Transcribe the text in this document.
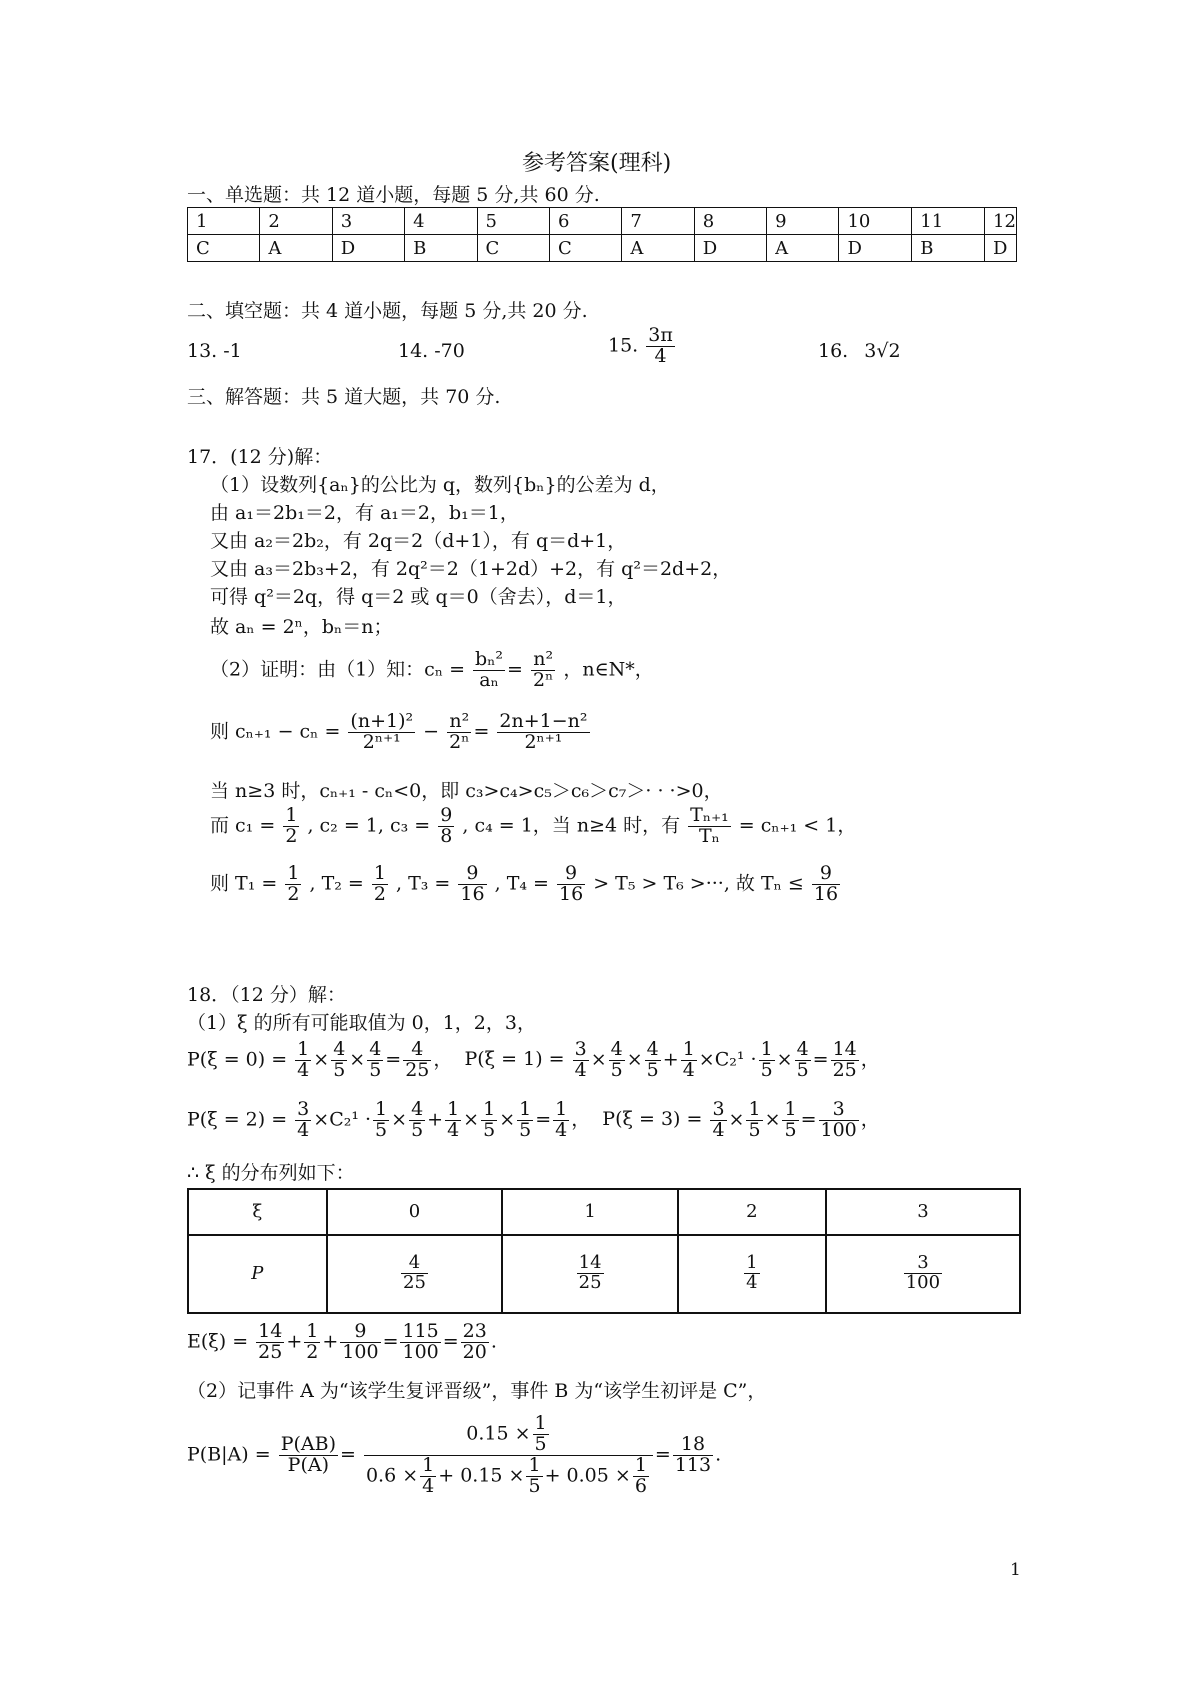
参考答案(理科)
一、单选题：共 12 道小题，每题 5 分,共 60 分.
1	2	3	4	5	6	7	8	9	10	11	12
C	A	D	B	C	C	A	D	A	D	B	D
二、填空题：共 4 道小题，每题 5 分,共 20 分.
13. -1	14. -70	15. $\frac{3\pi}{4}$	16. 3√2
三、解答题：共 5 道大题，共 70 分.
17．(12 分)解：
（1）设数列{aₙ}的公比为 q，数列{bₙ}的公差为 d，
由 a₁＝2b₁＝2，有 a₁＝2，b₁＝1，
又由 a₂＝2b₂，有 2q＝2（d+1），有 q＝d+1，
又由 a₃＝2b₃+2，有 2q²＝2（1+2d）+2，有 q²＝2d+2，
可得 q²＝2q，得 q＝2 或 q＝0（舍去），d＝1，
故 aₙ = 2ⁿ，bₙ＝n；
（2）证明：由（1）知：$c_n = \frac{\text{bₙ²}}{\text{aₙ}} = \frac{\text{n²}}{\text{2ⁿ}}$ ，n∈N*，
则 $c_{n+1} - c_n = \frac{\text{(n+1)²}}{\text{2ⁿ⁺¹}} - \frac{\text{n²}}{\text{2ⁿ}} = \frac{\text{2n+1−n²}}{\text{2ⁿ⁺¹}}$
当 n≥3 时，cₙ₊₁ - cₙ<0，即 c₃>c₄>c₅＞c₆＞c₇＞· · ·>0，
而 $c_1 = \frac{1}{2}$ , c₂ = 1, $c_3 = \frac{9}{8}$ , c₄ = 1，当 n≥4 时，有 $\frac{\text{Tₙ₊₁}}{\text{Tₙ}} = c_{n+1} < 1$，
则 $T_1 = \frac{1}{2}$ , $T_2 = \frac{1}{2}$ , $T_3 = \frac{9}{16}$ , $T_4 = \frac{9}{16} > T_5 > T_6$ >···, 故 $T_n \le \frac{9}{16}$
18．（12 分）解：
（1）ξ 的所有可能取值为 0，1，2，3，
$P(\xi = 0) = \frac{1}{4} \times \frac{4}{5} \times \frac{4}{5} = \frac{4}{25}$ ， $P(\xi = 1) = \frac{3}{4} \times \frac{4}{5} \times \frac{4}{5} + \frac{1}{4} \times C_2^1 \cdot \frac{1}{5} \times \frac{4}{5} = \frac{14}{25}$ ，
$P(\xi = 2) = \frac{3}{4} \times C_2^1 \cdot \frac{1}{5} \times \frac{4}{5} + \frac{1}{4} \times \frac{1}{5} \times \frac{1}{5} = \frac{1}{4}$ ， $P(\xi = 3) = \frac{3}{4} \times \frac{1}{5} \times \frac{1}{5} = \frac{3}{100}$ ，
∴ ξ 的分布列如下：
ξ	0	1	2	3
P	$\frac{4}{25}$	$\frac{14}{25}$	$\frac{1}{4}$	$\frac{3}{100}$
$E(\xi) = \frac{14}{25} + \frac{1}{2} + \frac{9}{100} = \frac{115}{100} = \frac{23}{20}$ .
（2）记事件 A 为“该学生复评晋级”，事件 B 为“该学生初评是 C”，
$P(B|A) = \frac{P(AB)}{P(A)} = \frac{0.15 \times \frac{1}{5}}{0.6 \times \frac{1}{4} + 0.15 \times \frac{1}{5} + 0.05 \times \frac{1}{6}} = \frac{18}{113}$ .
1
